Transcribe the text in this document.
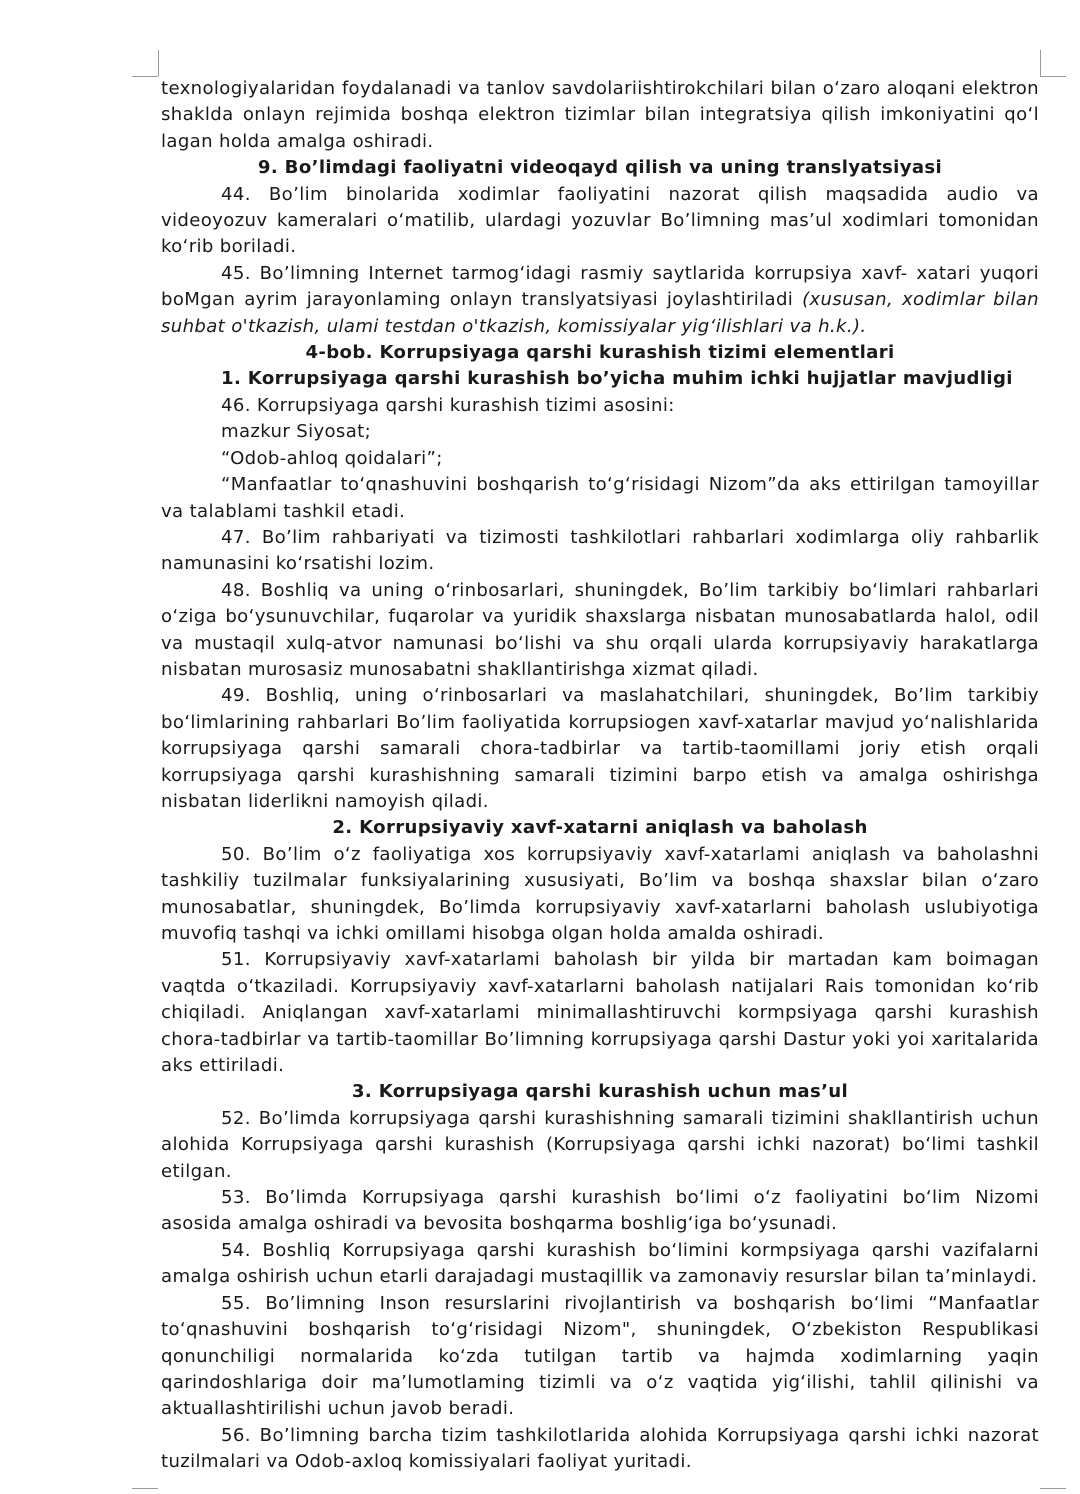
texnologiyalaridan foydalanadi va tanlov savdolariishtirokchilari bilan o‘zaro aloqani elektron shaklda onlayn rejimida boshqa elektron tizimlar bilan integratsiya qilish imkoniyatini qo‘l lagan holda amalga oshiradi.

9. Bo’limdagi faoliyatni videoqayd qilish va uning translyatsiyasi

44. Bo’lim binolarida xodimlar faoliyatini nazorat qilish maqsadida audio va videoyozuv kameralari o‘matilib, ulardagi yozuvlar Bo’limning mas’ul xodimlari tomonidan ko‘rib boriladi.

45. Bo’limning Internet tarmog‘idagi rasmiy saytlarida korrupsiya xavf- xatari yuqori boMgan ayrim jarayonlaming onlayn translyatsiyasi joylashtiriladi (xususan, xodimlar bilan suhbat o'tkazish, ulami testdan o'tkazish, komissiyalar yig‘ilishlari va h.k.).

4-bob. Korrupsiyaga qarshi kurashish tizimi elementlari

1. Korrupsiyaga qarshi kurashish bo’yicha muhim ichki hujjatlar mavjudligi

46. Korrupsiyaga qarshi kurashish tizimi asosini:

mazkur Siyosat;

“Odob-ahloq qoidalari”;

“Manfaatlar to‘qnashuvini boshqarish to‘g‘risidagi Nizom”da aks ettirilgan tamoyillar va talablami tashkil etadi.

47. Bo’lim rahbariyati va tizimosti tashkilotlari rahbarlari xodimlarga oliy rahbarlik namunasini ko‘rsatishi lozim.

48. Boshliq va uning o‘rinbosarlari, shuningdek, Bo’lim tarkibiy bo‘limlari rahbarlari o‘ziga bo‘ysunuvchilar, fuqarolar va yuridik shaxslarga nisbatan munosabatlarda halol, odil va mustaqil xulq-atvor namunasi bo‘lishi va shu orqali ularda korrupsiyaviy harakatlarga nisbatan murosasiz munosabatni shakllantirishga xizmat qiladi.

49. Boshliq, uning o‘rinbosarlari va maslahatchilari, shuningdek, Bo’lim tarkibiy bo‘limlarining rahbarlari Bo’lim faoliyatida korrupsiogen xavf-xatarlar mavjud yo‘nalishlarida korrupsiyaga qarshi samarali chora-tadbirlar va tartib-taomillami joriy etish orqali korrupsiyaga qarshi kurashishning samarali tizimini barpo etish va amalga oshirishga nisbatan liderlikni namoyish qiladi.

2. Korrupsiyaviy xavf-xatarni aniqlash va baholash

50. Bo’lim o‘z faoliyatiga xos korrupsiyaviy xavf-xatarlami aniqlash va baholashni tashkiliy tuzilmalar funksiyalarining xususiyati, Bo’lim va boshqa shaxslar bilan o‘zaro munosabatlar, shuningdek, Bo’limda korrupsiyaviy xavf-xatarlarni baholash uslubiyotiga muvofiq tashqi va ichki omillami hisobga olgan holda amalda oshiradi.

51. Korrupsiyaviy xavf-xatarlami baholash bir yilda bir martadan kam boimagan vaqtda o‘tkaziladi. Korrupsiyaviy xavf-xatarlarni baholash natijalari Rais tomonidan ko‘rib chiqiladi. Aniqlangan xavf-xatarlami minimallashtiruvchi kormpsiyaga qarshi kurashish chora-tadbirlar va tartib-taomillar Bo’limning korrupsiyaga qarshi Dastur yoki yoi xaritalarida aks ettiriladi.

3. Korrupsiyaga qarshi kurashish uchun mas’ul

52. Bo’limda korrupsiyaga qarshi kurashishning samarali tizimini shakllantirish uchun alohida Korrupsiyaga qarshi kurashish (Korrupsiyaga qarshi ichki nazorat) bo‘limi tashkil etilgan.

53. Bo’limda Korrupsiyaga qarshi kurashish bo‘limi o‘z faoliyatini bo‘lim Nizomi asosida amalga oshiradi va bevosita boshqarma boshlig‘iga bo‘ysunadi.

54. Boshliq Korrupsiyaga qarshi kurashish bo‘limini kormpsiyaga qarshi vazifalarni amalga oshirish uchun etarli darajadagi mustaqillik va zamonaviy resurslar bilan ta’minlaydi.

55. Bo’limning Inson resurslarini rivojlantirish va boshqarish bo‘limi “Manfaatlar to‘qnashuvini boshqarish to‘g‘risidagi Nizom", shuningdek, O‘zbekiston Respublikasi qonunchiligi normalarida ko‘zda tutilgan tartib va hajmda xodimlarning yaqin qarindoshlariga doir ma’lumotlaming tizimli va o‘z vaqtida yig‘ilishi, tahlil qilinishi va aktuallashtirilishi uchun javob beradi.

56. Bo’limning barcha tizim tashkilotlarida alohida Korrupsiyaga qarshi ichki nazorat tuzilmalari va Odob-axloq komissiyalari faoliyat yuritadi.
